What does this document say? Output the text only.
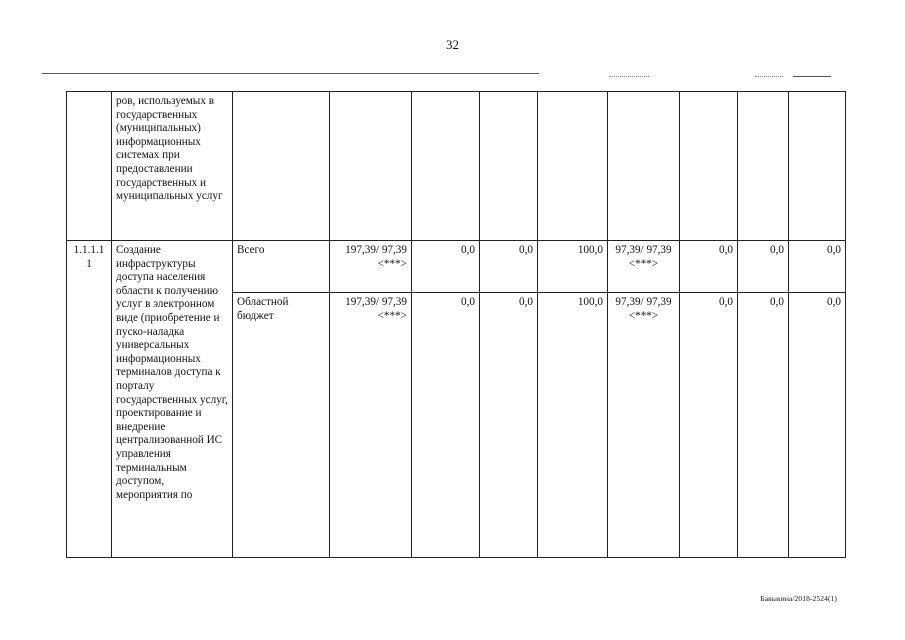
32
	ров, используемых в государственных (муниципальных) информационных системах при предоставлении государственных и муниципальных услуг									
1.1.1.1 1	Создание инфраструктуры доступа населения области к получению услуг в электронном виде (приобретение и пуско-наладка универсальных информационных терминалов доступа к порталу государственных услуг, проектирование и внедрение централизованной ИС управления терминальным доступом, мероприятия по	Всего	197,39/ 97,39 <***>	0,0	0,0	100,0	97,39/ 97,39 <***>	0,0	0,0	0,0
		Областной бюджет	197,39/ 97,39 <***>	0,0	0,0	100,0	97,39/ 97,39 <***>	0,0	0,0	0,0
Бавыкина/2018-2524(1)
